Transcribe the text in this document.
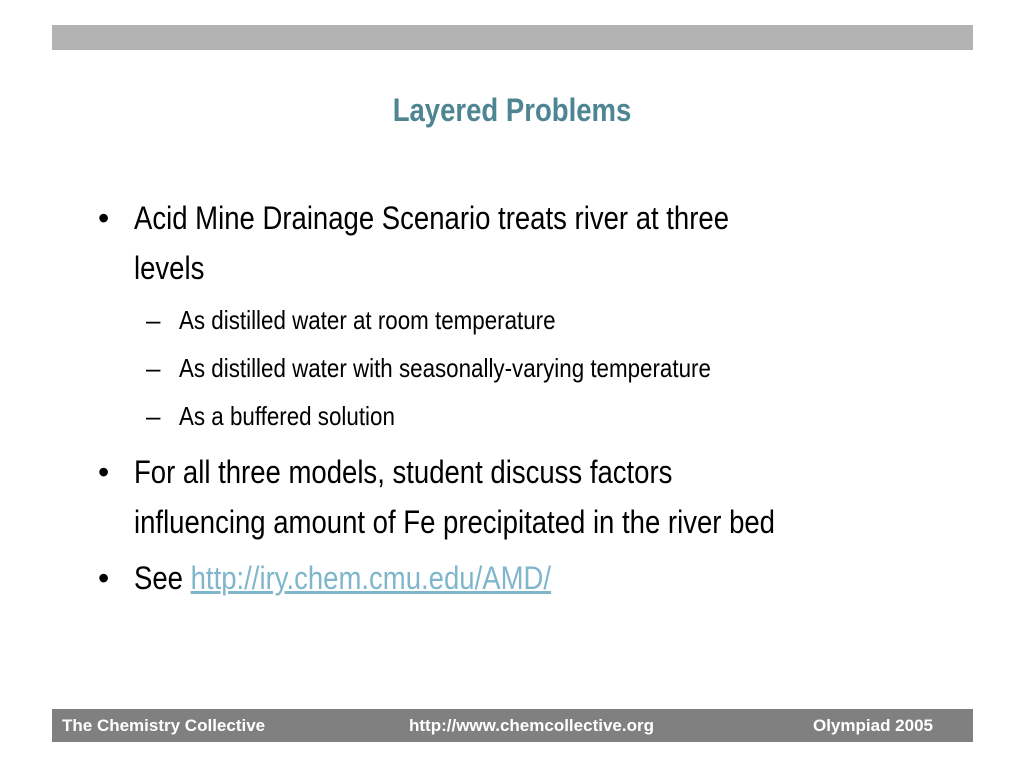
Layered Problems
• Acid Mine Drainage Scenario treats river at three
levels
– As distilled water at room temperature
– As distilled water with seasonally-varying temperature
– As a buffered solution
• For all three models, student discuss factors
influencing amount of Fe precipitated in the river bed
• See http://iry.chem.cmu.edu/AMD/
The Chemistry Collective	http://www.chemcollective.org	Olympiad 2005
